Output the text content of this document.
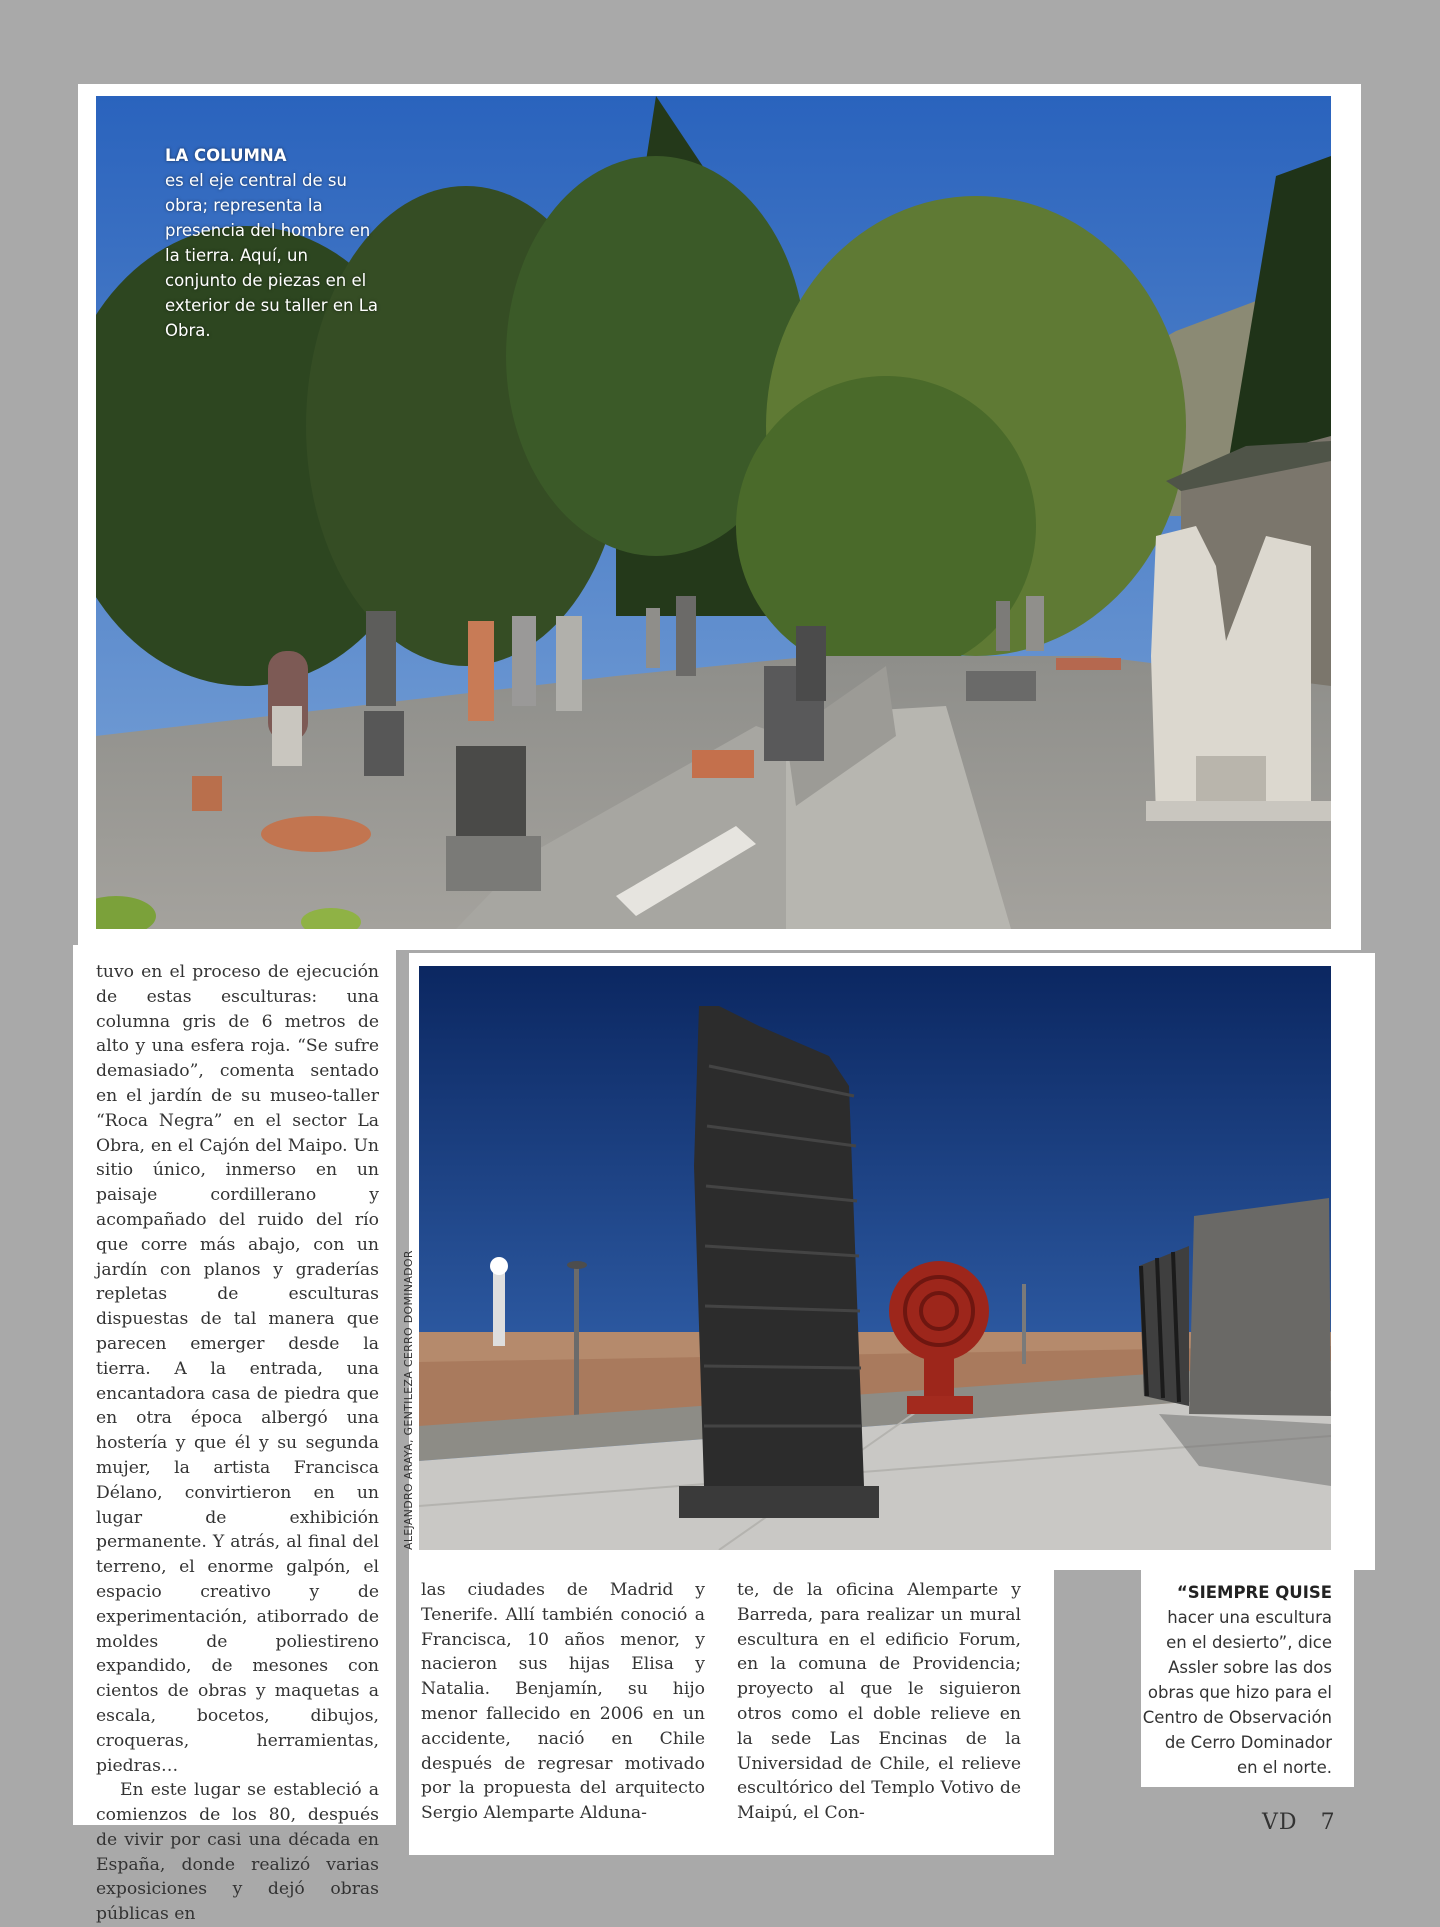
LA COLUMNA
es el eje central de su obra; representa la presencia del hombre en la tierra. Aquí, un conjunto de piezas en el exterior de su taller en La Obra.
ALEJANDRO ARAYA, GENTILEZA CERRO DOMINADOR

tuvo en el proceso de ejecución de estas esculturas: una columna gris de 6 metros de alto y una esfera roja. “Se sufre demasiado”, comenta sentado en el jardín de su museo-taller “Roca Negra” en el sector La Obra, en el Cajón del Maipo. Un sitio único, inmerso en un paisaje cordillerano y acompañado del ruido del río que corre más abajo, con un jardín con planos y graderías repletas de esculturas dispuestas de tal manera que parecen emerger desde la tierra. A la entrada, una encantadora casa de piedra que en otra época albergó una hostería y que él y su segunda mujer, la artista Francisca Délano, convirtieron en un lugar de exhibición permanente. Y atrás, al final del terreno, el enorme galpón, el espacio creativo y de experimentación, atiborrado de moldes de poliestireno expandido, de mesones con cientos de obras y maquetas a escala, bocetos, dibujos, croqueras, herramientas, piedras…

En este lugar se estableció a comienzos de los 80, después de vivir por casi una década en España, donde realizó varias exposiciones y dejó obras públicas en

las ciudades de Madrid y Tenerife. Allí también conoció a Francisca, 10 años menor, y nacieron sus hijas Elisa y Natalia. Benjamín, su hijo menor fallecido en 2006 en un accidente, nació en Chile después de regresar motivado por la propuesta del arquitecto Sergio Alemparte Alduna-

te, de la oficina Alemparte y Barreda, para realizar un mural escultura en el edificio Forum, en la comuna de Providencia; proyecto al que le siguieron otros como el doble relieve en la sede Las Encinas de la Universidad de Chile, el relieve escultórico del Templo Votivo de Maipú, el Con-

“SIEMPRE QUISE
hacer una escultura en el desierto”, dice Assler sobre las dos obras que hizo para el Centro de Observación de Cerro Dominador en el norte.
VD 7
